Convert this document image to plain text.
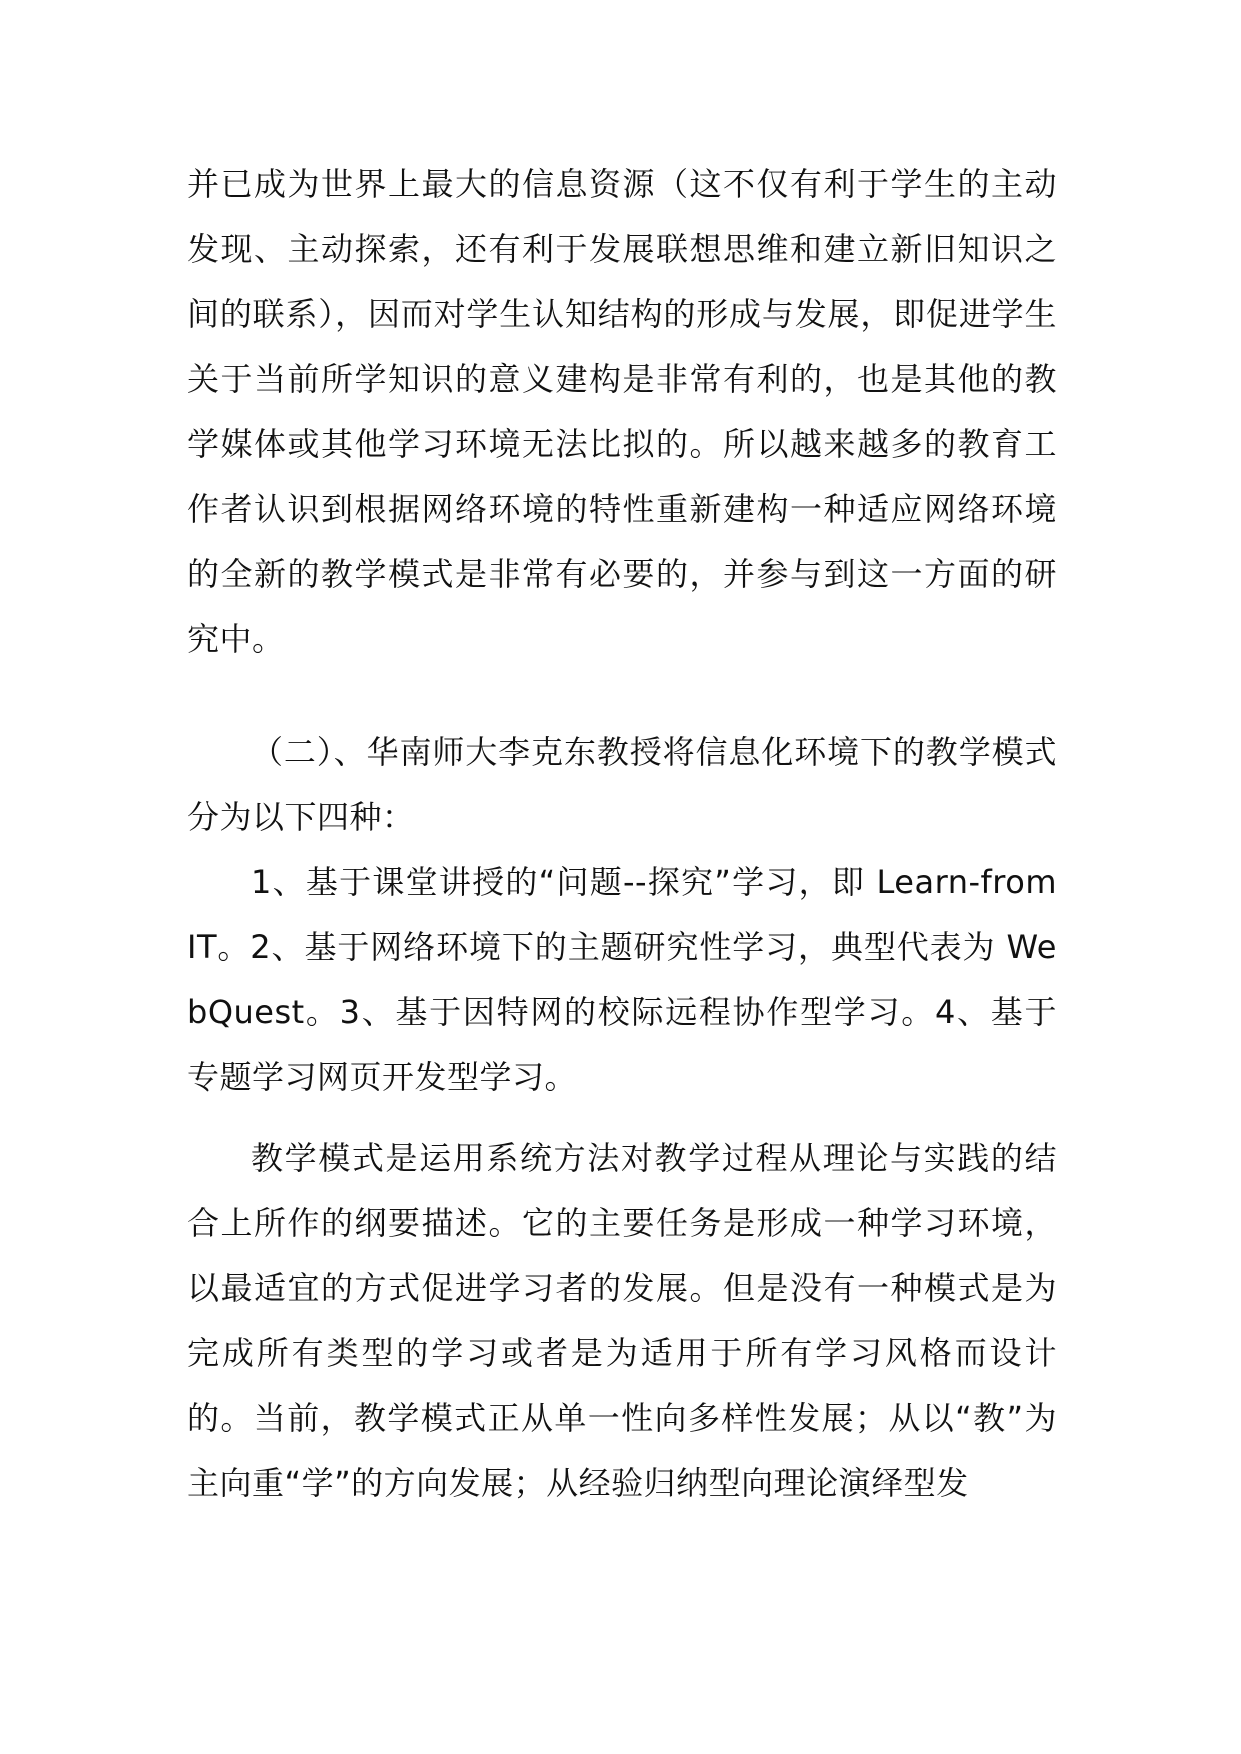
并已成为世界上最大的信息资源（这不仅有利于学生的主动发现、主动探索，还有利于发展联想思维和建立新旧知识之间的联系），因而对学生认知结构的形成与发展，即促进学生关于当前所学知识的意义建构是非常有利的，也是其他的教学媒体或其他学习环境无法比拟的。所以越来越多的教育工作者认识到根据网络环境的特性重新建构一种适应网络环境的全新的教学模式是非常有必要的，并参与到这一方面的研究中。

（二）、华南师大李克东教授将信息化环境下的教学模式分为以下四种：

1、基于课堂讲授的“问题--探究”学习，即 Learn-from IT。2、基于网络环境下的主题研究性学习，典型代表为 WebQuest。3、基于因特网的校际远程协作型学习。4、基于专题学习网页开发型学习。

教学模式是运用系统方法对教学过程从理论与实践的结合上所作的纲要描述。它的主要任务是形成一种学习环境，以最适宜的方式促进学习者的发展。但是没有一种模式是为完成所有类型的学习或者是为适用于所有学习风格而设计的。当前，教学模式正从单一性向多样性发展；从以“教”为主向重“学”的方向发展；从经验归纳型向理论演绎型发
